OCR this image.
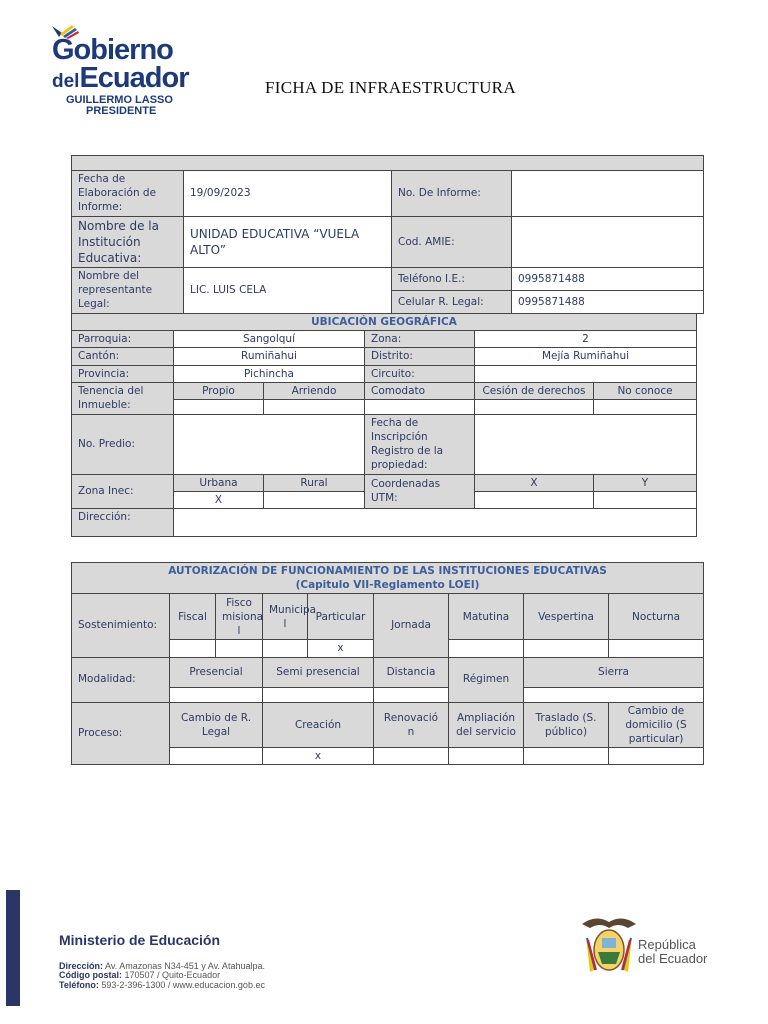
Gobierno
delEcuador
GUILLERMO LASSO
PRESIDENTE
FICHA DE INFRAESTRUCTURA

Fecha de Elaboración de Informe:	19/09/2023	No. De Informe:	
Nombre de la Institución Educativa:	UNIDAD EDUCATIVA “VUELA ALTO”	Cod. AMIE:	
Nombre del representante Legal:	LIC. LUIS CELA	Teléfono I.E.:	0995871488
		Celular R. Legal:	0995871488
UBICACIÓN GEOGRÁFICA					
Parroquia:	Sangolquí		Zona:	2	
Cantón:	Rumiñahui		Distrito:	Mejía Rumiñahui	
Provincia:	Pichincha		Circuito:		
Tenencia del Inmueble:	Propio	Arriendo	Comodato	Cesión de derechos	No conoce

No. Predio:			Fecha de Inscripción Registro de la propiedad:		
Zona Inec:	Urbana	Rural	Coordenadas UTM:	X	Y
	X				
Dirección:					
AUTORIZACIÓN DE FUNCIONAMIENTO DE LAS INSTITUCIONES EDUCATIVAS
(Capitulo VII-Reglamento LOEI)									

Sostenimiento:	Fiscal	Fisco misiona l	Municipa l	Particular	Jornada	Matutina	Vespertina	Nocturna	
				x					
Modalidad:	Presencial		Semi presencial		Distancia	Régimen	Sierra	

Proceso:	Cambio de R. Legal		Creación		Renovació n	Ampliación del servicio	Traslado (S. público)	Cambio de domicilio (S particular)	
			x						
Ministerio de Educación
Dirección: Av. Amazonas N34-451 y Av. Atahualpa.
Código postal: 170507 / Quito-Ecuador
Teléfono: 593-2-396-1300 / www.educacion.gob.ec
República
del Ecuador
